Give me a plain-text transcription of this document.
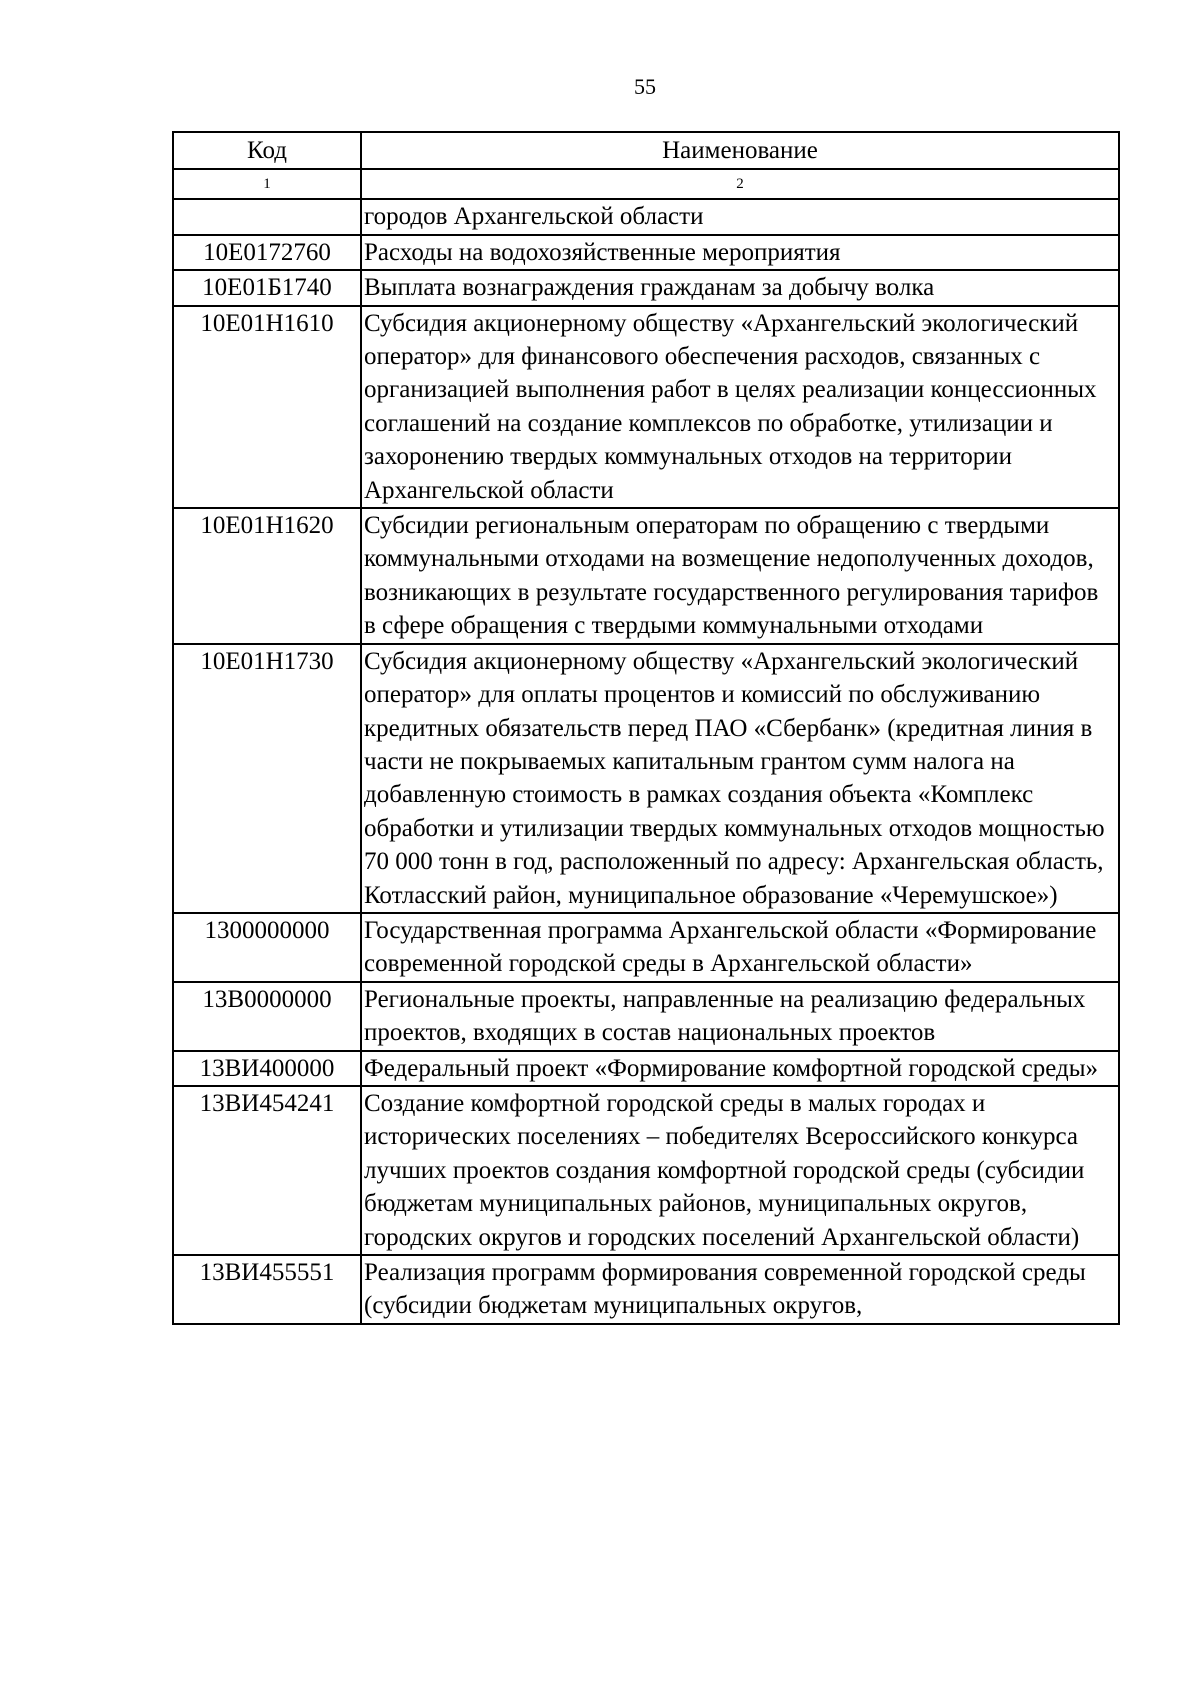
55
Код	Наименование
1	2
	городов Архангельской области
10Е0172760	Расходы на водохозяйственные мероприятия
10Е01Б1740	Выплата вознаграждения гражданам за добычу волка
10Е01Н1610	Субсидия акционерному обществу «Архангельский экологический оператор» для финансового обеспечения расходов, связанных с организацией выполнения работ в целях реализации концессионных соглашений на создание комплексов по обработке, утилизации и захоронению твердых коммунальных отходов на территории Архангельской области
10Е01Н1620	Субсидии региональным операторам по обращению с твердыми коммунальными отходами на возмещение недополученных доходов, возникающих в результате государственного регулирования тарифов в сфере обращения с твердыми коммунальными отходами
10Е01Н1730	Субсидия акционерному обществу «Архангельский экологический оператор» для оплаты процентов и комиссий по обслуживанию кредитных обязательств перед ПАО «Сбербанк» (кредитная линия в части не покрываемых капитальным грантом сумм налога на добавленную стоимость в рамках создания объекта «Комплекс обработки и утилизации твердых коммунальных отходов мощностью 70 000 тонн в год, расположенный по адресу: Архангельская область, Котласский район, муниципальное образование «Черемушское»)
1300000000	Государственная программа Архангельской области «Формирование современной городской среды в Архангельской области»
13В0000000	Региональные проекты, направленные на реализацию федеральных проектов, входящих в состав национальных проектов
13ВИ400000	Федеральный проект «Формирование комфортной городской среды»
13ВИ454241	Создание комфортной городской среды в малых городах и исторических поселениях – победителях Всероссийского конкурса лучших проектов создания комфортной городской среды (субсидии бюджетам муниципальных районов, муниципальных округов, городских округов и городских поселений Архангельской области)
13ВИ455551	Реализация программ формирования современной городской среды (субсидии бюджетам муниципальных округов,
